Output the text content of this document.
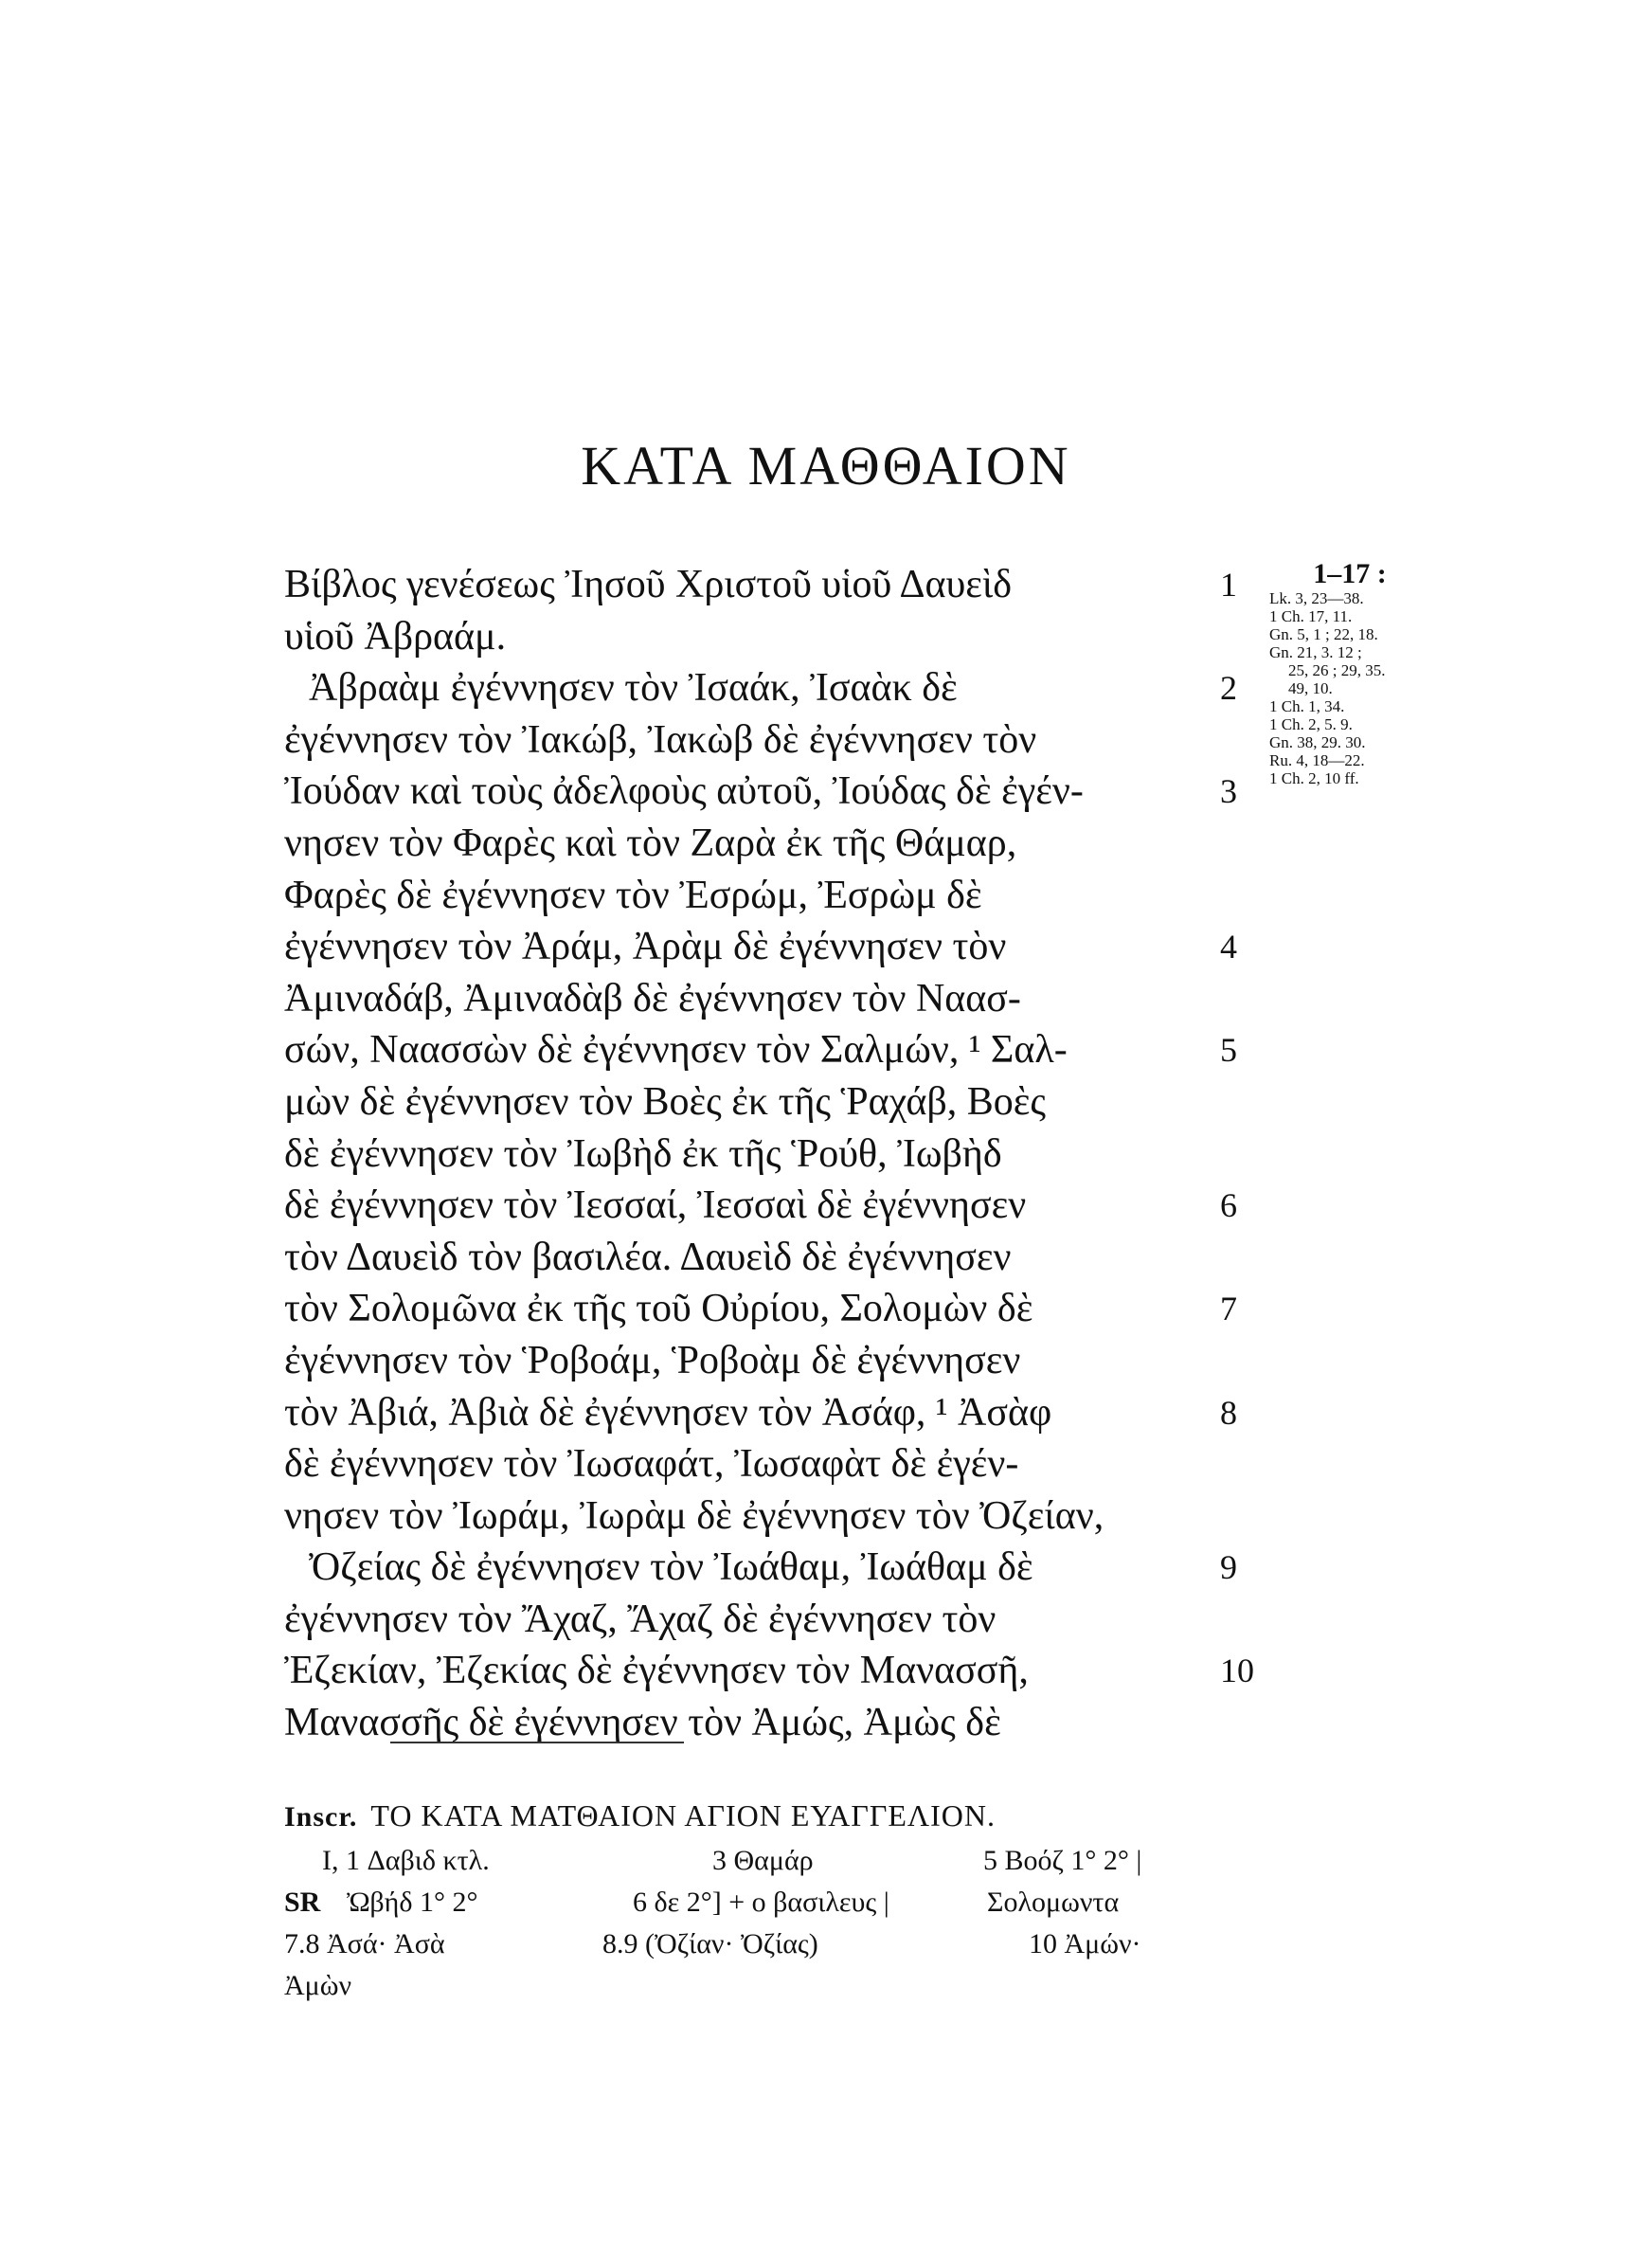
ΚΑΤΑ ΜΑΘΘΑΙΟΝ
Βίβλος γενέσεως Ἰησοῦ Χριστοῦ υἱοῦ Δαυεὶδ	1
υἱοῦ Ἀβραάμ.
Ἀβραὰμ ἐγέννησεν τὸν Ἰσαάκ, Ἰσαὰκ δὲ	2
ἐγέννησεν τὸν Ἰακώβ, Ἰακὼβ δὲ ἐγέννησεν τὸν
Ἰούδαν καὶ τοὺς ἀδελφοὺς αὐτοῦ, Ἰούδας δὲ ἐγέν-	3
νησεν τὸν Φαρὲς καὶ τὸν Ζαρὰ ἐκ τῆς Θάμαρ,
Φαρὲς δὲ ἐγέννησεν τὸν Ἐσρώμ, Ἐσρὼμ δὲ
ἐγέννησεν τὸν Ἀράμ, Ἀρὰμ δὲ ἐγέννησεν τὸν	4
Ἀμιναδάβ, Ἀμιναδὰβ δὲ ἐγέννησεν τὸν Ναασ-
σών, Ναασσὼν δὲ ἐγέννησεν τὸν Σαλμών, ¹ Σαλ-	5
μὼν δὲ ἐγέννησεν τὸν Βοὲς ἐκ τῆς Ῥαχάβ, Βοὲς
δὲ ἐγέννησεν τὸν Ἰωβὴδ ἐκ τῆς Ῥούθ, Ἰωβὴδ
δὲ ἐγέννησεν τὸν Ἰεσσαί, Ἰεσσαὶ δὲ ἐγέννησεν	6
τὸν Δαυεὶδ τὸν βασιλέα. Δαυεὶδ δὲ ἐγέννησεν
τὸν Σολομῶνα ἐκ τῆς τοῦ Οὐρίου, Σολομὼν δὲ	7
ἐγέννησεν τὸν Ῥοβοάμ, Ῥοβοὰμ δὲ ἐγέννησεν
τὸν Ἀβιά, Ἀβιὰ δὲ ἐγέννησεν τὸν Ἀσάφ, ¹ Ἀσὰφ	8
δὲ ἐγέννησεν τὸν Ἰωσαφάτ, Ἰωσαφὰτ δὲ ἐγέν-
νησεν τὸν Ἰωράμ, Ἰωρὰμ δὲ ἐγέννησεν τὸν Ὀζείαν,
Ὀζείας δὲ ἐγέννησεν τὸν Ἰωάθαμ, Ἰωάθαμ δὲ	9
ἐγέννησεν τὸν Ἄχαζ, Ἄχαζ δὲ ἐγέννησεν τὸν
Ἐζεκίαν, Ἐζεκίας δὲ ἐγέννησεν τὸν Μανασσῆ,	10
Μανασσῆς δὲ ἐγέννησεν τὸν Ἀμώς, Ἀμὼς δὲ
1–17 :
Lk. 3, 23—38.
1 Ch. 17, 11.
Gn. 5, 1 ; 22, 18.
Gn. 21, 3. 12 ;
25, 26 ; 29, 35.
49, 10.
1 Ch. 1, 34.
1 Ch. 2, 5. 9.
Gn. 38, 29. 30.
Ru. 4, 18—22.
1 Ch. 2, 10 ff.
Inscr. ΤΟ ΚΑΤΑ ΜΑΤΘΑΙΟΝ ΑΓΙΟΝ ΕΥΑΓΓΕΛΙΟΝ.
I, 1 Δαβιδ κτλ.	3 Θαμάρ	5 Βοόζ 1° 2° |
SR Ὠβήδ 1° 2°	6 δε 2°] + ο βασιλευς |	Σολομωντα
7.8 Ἀσά· Ἀσὰ	8.9 (Ὀζίαν· Ὀζίας)	10 Ἀμών·
Ἀμὼν
